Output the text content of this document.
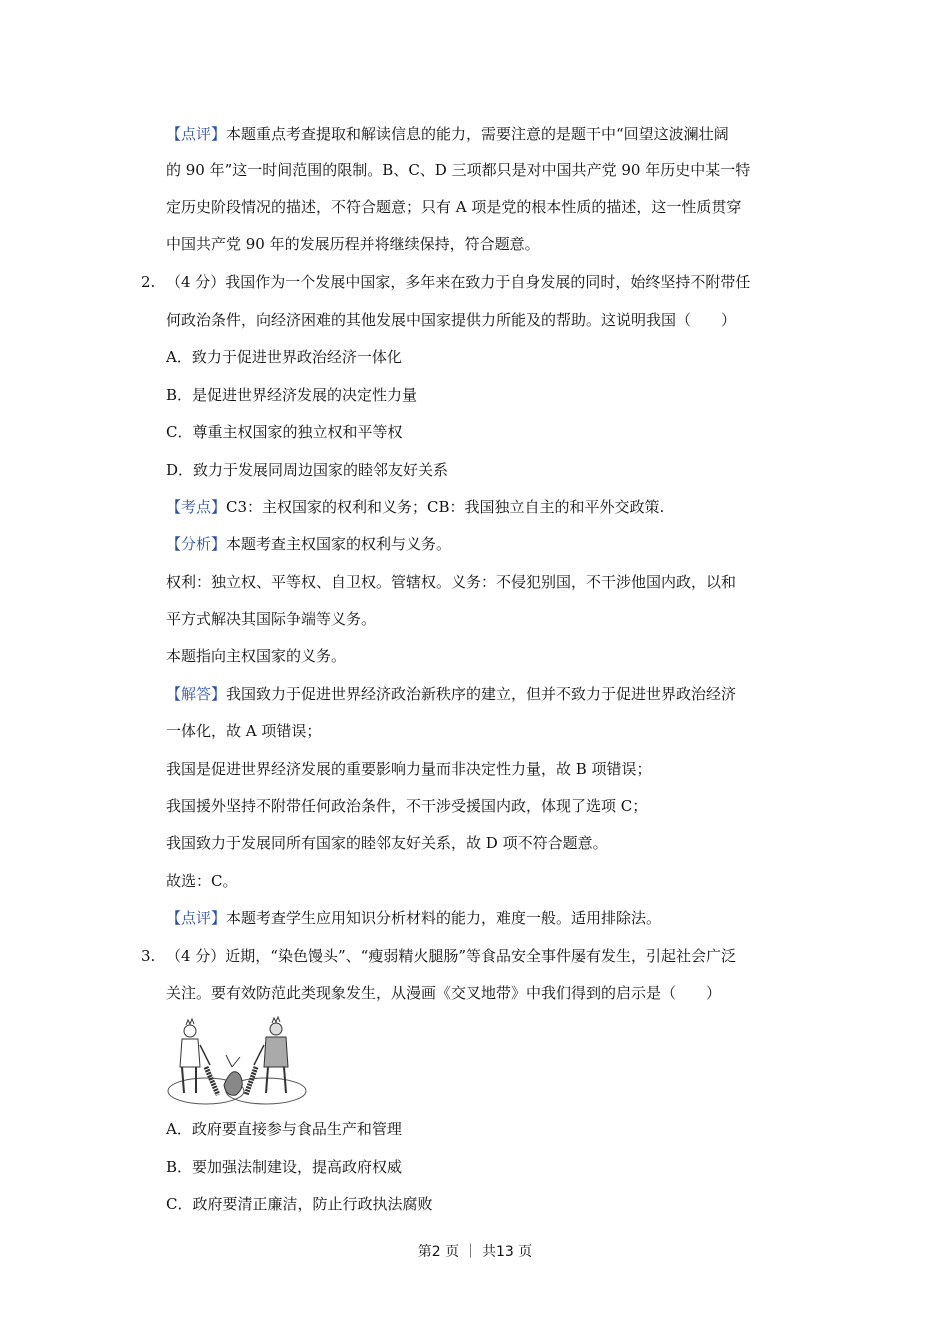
【点评】本题重点考查提取和解读信息的能力，需要注意的是题干中“回望这波澜壮阔
的 90 年”这一时间范围的限制。B、C、D 三项都只是对中国共产党 90 年历史中某一特
定历史阶段情况的描述，不符合题意；只有 A 项是党的根本性质的描述，这一性质贯穿
中国共产党 90 年的发展历程并将继续保持，符合题意。
2. （4 分）我国作为一个发展中国家，多年来在致力于自身发展的同时，始终坚持不附带任
何政治条件，向经济困难的其他发展中国家提供力所能及的帮助。这说明我国（　　）
A．致力于促进世界政治经济一体化
B．是促进世界经济发展的决定性力量
C．尊重主权国家的独立权和平等权
D．致力于发展同周边国家的睦邻友好关系
【考点】C3：主权国家的权利和义务；CB：我国独立自主的和平外交政策.
【分析】本题考查主权国家的权利与义务。
权利：独立权、平等权、自卫权。管辖权。义务：不侵犯别国，不干涉他国内政，以和
平方式解决其国际争端等义务。
本题指向主权国家的义务。
【解答】我国致力于促进世界经济政治新秩序的建立，但并不致力于促进世界政治经济
一体化，故 A 项错误；
我国是促进世界经济发展的重要影响力量而非决定性力量，故 B 项错误；
我国援外坚持不附带任何政治条件，不干涉受援国内政，体现了选项 C；
我国致力于发展同所有国家的睦邻友好关系，故 D 项不符合题意。
故选：C。
【点评】本题考查学生应用知识分析材料的能力，难度一般。适用排除法。
3. （4 分）近期，“染色馒头”、“瘦弱精火腿肠”等食品安全事件屡有发生，引起社会广泛
关注。要有效防范此类现象发生，从漫画《交叉地带》中我们得到的启示是（　　）
A．政府要直接参与食品生产和管理
B．要加强法制建设，提高政府权威
C．政府要清正廉洁，防止行政执法腐败
第2 页 ｜ 共13 页
